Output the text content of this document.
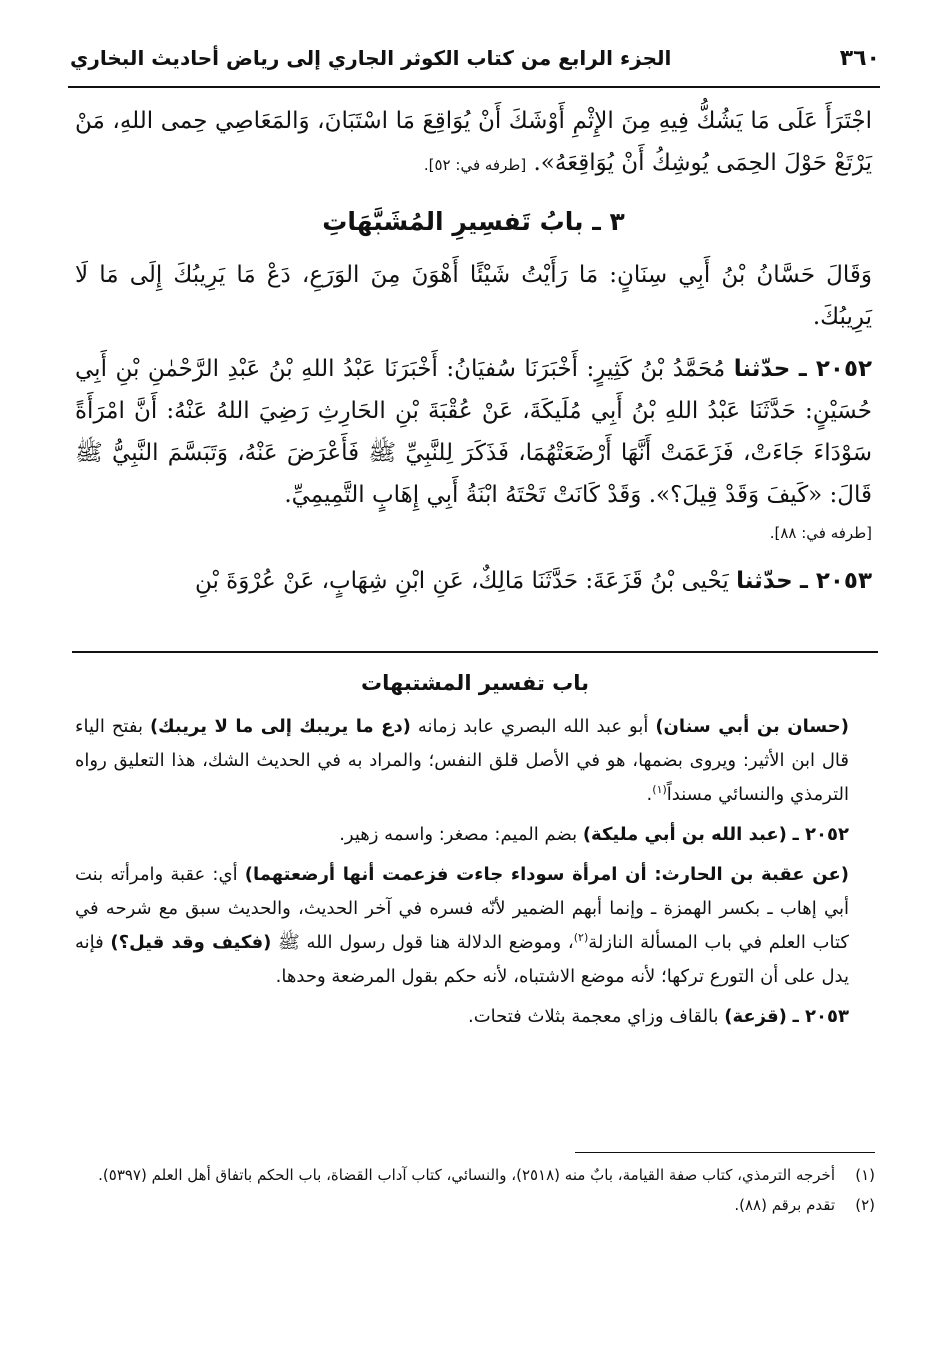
٣٦٠
الجزء الرابع من كتاب الكوثر الجاري إلى رياض أحاديث البخاري

اجْتَرَأَ عَلَى مَا يَشُكُّ فِيهِ مِنَ الإِثْمِ أَوْشَكَ أَنْ يُوَاقِعَ مَا اسْتَبَانَ، وَالمَعَاصِي حِمى اللهِ، مَنْ يَرْتَعْ حَوْلَ الحِمَى يُوشِكُ أَنْ يُوَاقِعَهُ». [طرفه في: ٥٢].

٣ ـ بابُ تَفسِيرِ المُشَبَّهَاتِ

وَقَالَ حَسَّانُ بْنُ أَبِي سِنَانٍ: مَا رَأَيْتُ شَيْئًا أَهْوَنَ مِنَ الوَرَعِ، دَعْ مَا يَرِيبُكَ إِلَى مَا لَا يَرِيبُكَ.

٢٠٥٢ ـ حدّثنا مُحَمَّدُ بْنُ كَثِيرٍ: أَخْبَرَنَا سُفيَانُ: أَخْبَرَنَا عَبْدُ اللهِ بْنُ عَبْدِ الرَّحْمٰنِ بْنِ أَبِي حُسَيْنٍ: حَدَّثَنَا عَبْدُ اللهِ بْنُ أَبِي مُلَيكَةَ، عَنْ عُقْبَةَ بْنِ الحَارِثِ رَضِيَ اللهُ عَنْهُ: أَنَّ امْرَأَةً سَوْدَاءَ جَاءَتْ، فَزَعَمَتْ أَنَّهَا أَرْضَعَتْهُمَا، فَذَكَرَ لِلنَّبِيِّ ﷺ فَأَعْرَضَ عَنْهُ، وَتَبَسَّمَ النَّبِيُّ ﷺ قَالَ: «كَيفَ وَقَدْ قِيلَ؟». وَقَدْ كَانَتْ تَحْتَهُ ابْنَةُ أَبِي إِهَابٍ التَّمِيمِيِّ.

[طرفه في: ٨٨].

٢٠٥٣ ـ حدّثنا يَحْيى بْنُ قَزَعَةَ: حَدَّثَنَا مَالِكٌ، عَنِ ابْنِ شِهَابٍ، عَنْ عُرْوَةَ بْنِ

باب تفسير المشتبهات

(حسان بن أبي سنان) أبو عبد الله البصري عابد زمانه (دع ما يريبك إلى ما لا يريبك) بفتح الياء قال ابن الأثير: ويروى بضمها، هو في الأصل قلق النفس؛ والمراد به في الحديث الشك، هذا التعليق رواه الترمذي والنسائي مسنداً$^{(١)}$.

٢٠٥٢ ـ (عبد الله بن أبي مليكة) بضم الميم: مصغر: واسمه زهير.

(عن عقبة بن الحارث: أن امرأة سوداء جاءت فزعمت أنها أرضعتهما) أي: عقبة وامرأته بنت أبي إهاب ـ بكسر الهمزة ـ وإنما أبهم الضمير لأنّه فسره في آخر الحديث، والحديث سبق مع شرحه في كتاب العلم في باب المسألة النازلة$^{(٢)}$، وموضع الدلالة هنا قول رسول الله ﷺ (فكيف وقد قيل؟) فإنه يدل على أن التورع تركها؛ لأنه موضع الاشتباه، لأنه حكم بقول المرضعة وحدها.

٢٠٥٣ ـ (قزعة) بالقاف وزاي معجمة بثلاث فتحات.

(١)
أخرجه الترمذي، كتاب صفة القيامة، بابٌ منه (٢٥١٨)، والنسائي، كتاب آداب القضاة، باب الحكم باتفاق أهل العلم (٥٣٩٧).
(٢)
تقدم برقم (٨٨).
